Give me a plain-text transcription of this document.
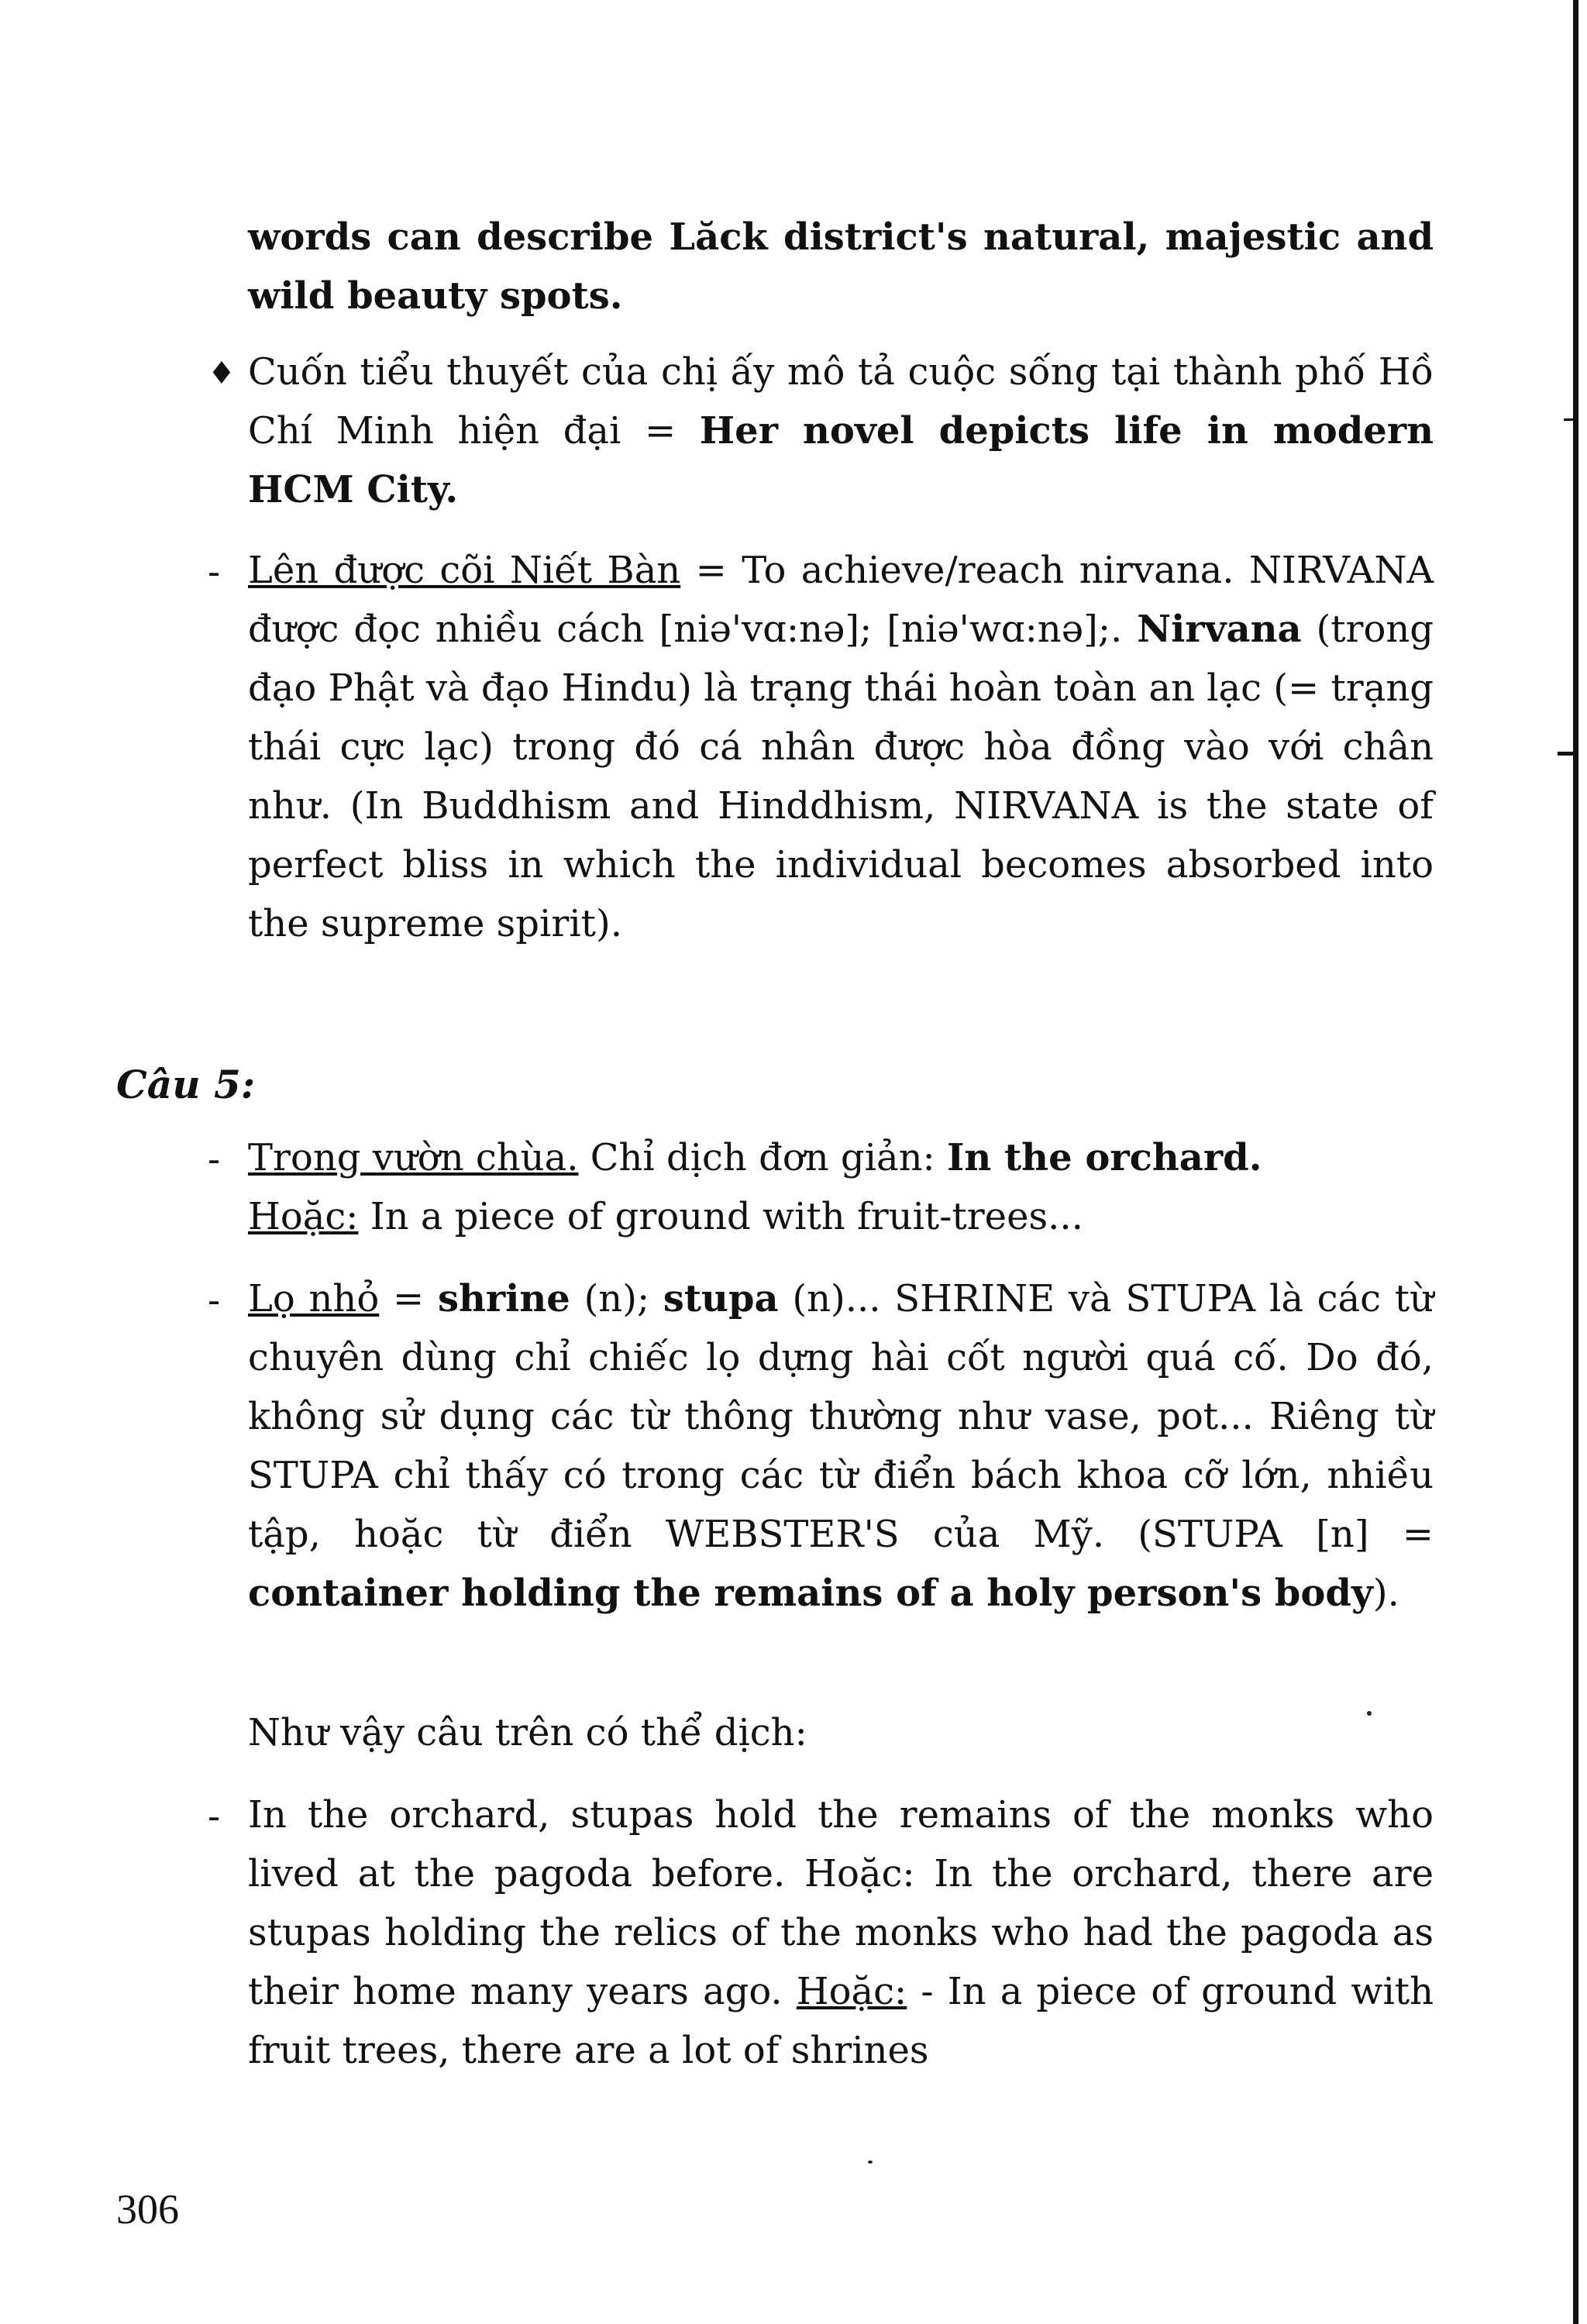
words can describe Lăck district's natural, majestic and wild beauty spots.

♦ Cuốn tiểu thuyết của chị ấy mô tả cuộc sống tại thành phố Hồ Chí Minh hiện đại = Her novel depicts life in modern HCM City.

- Lên được cõi Niết Bàn = To achieve/reach nirvana. NIRVANA được đọc nhiều cách [niə'vɑ:nə]; [niə'wɑ:nə];. Nirvana (trong đạo Phật và đạo Hindu) là trạng thái hoàn toàn an lạc (= trạng thái cực lạc) trong đó cá nhân được hòa đồng vào với chân như. (In Buddhism and Hinddhism, NIRVANA is the state of perfect bliss in which the individual becomes absorbed into the supreme spirit).

Câu 5:
- Trong vườn chùa. Chỉ dịch đơn giản: In the orchard.
Hoặc: In a piece of ground with fruit-trees...

- Lọ nhỏ = shrine (n); stupa (n)... SHRINE và STUPA là các từ chuyên dùng chỉ chiếc lọ dựng hài cốt người quá cố. Do đó, không sử dụng các từ thông thường như vase, pot... Riêng từ STUPA chỉ thấy có trong các từ điển bách khoa cỡ lớn, nhiều tập, hoặc từ điển WEBSTER'S của Mỹ. (STUPA [n] = container holding the remains of a holy person's body).

Như vậy câu trên có thể dịch:

- In the orchard, stupas hold the remains of the monks who lived at the pagoda before. Hoặc: In the orchard, there are stupas holding the relics of the monks who had the pagoda as their home many years ago. Hoặc: - In a piece of ground with fruit trees, there are a lot of shrines

306
